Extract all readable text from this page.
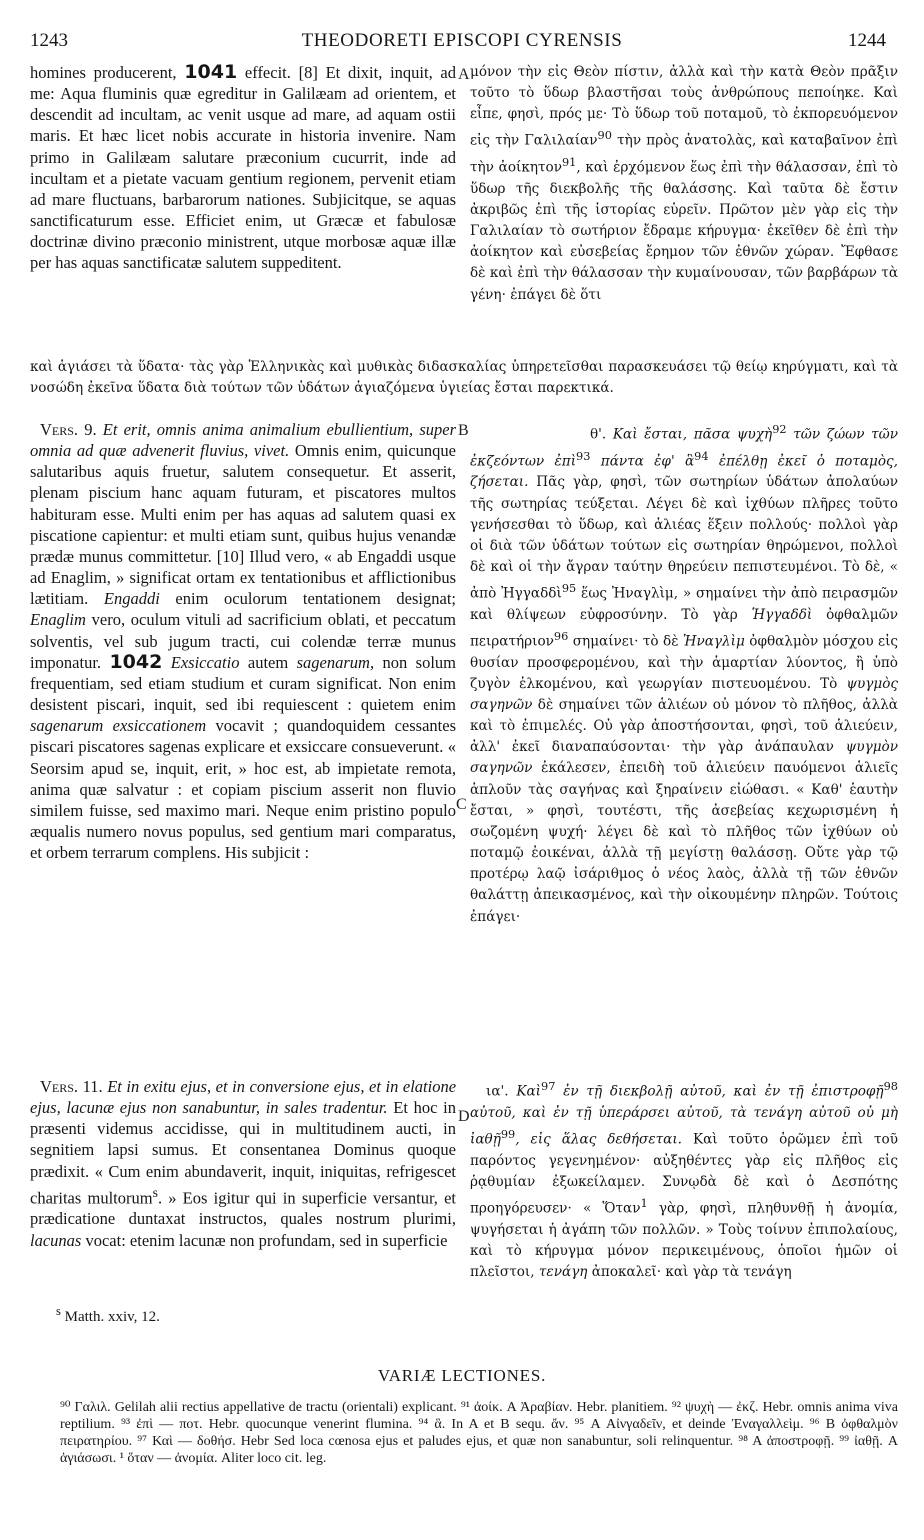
THEODORETI EPISCOPI CYRENSIS
1243	1244
A
B
C
D

homines producerent, 1041 effecit. [8] Et dixit, inquit, ad me: Aqua fluminis quæ egreditur in Galilæam ad orientem, et descendit ad incultam, ac venit usque ad mare, ad aquam ostii maris. Et hæc licet nobis accurate in historia invenire. Nam primo in Galilæam salutare præconium cucurrit, inde ad incultam et a pietate vacuam gentium regionem, pervenit etiam ad mare fluctuans, barbarorum nationes. Subjicitque, se aquas sanctificaturum esse. Efficiet enim, ut Græcæ et fabulosæ doctrinæ divino præconio ministrent, utque morbosæ aquæ illæ per has aquas sanctificatæ salutem suppeditent.

μόνον τὴν εἰς Θεὸν πίστιν, ἀλλὰ καὶ τὴν κατὰ Θεὸν πρᾶξιν τοῦτο τὸ ὕδωρ βλαστῆσαι τοὺς ἀνθρώπους πεποίηκε. Καὶ εἶπε, φησὶ, πρός με· Τὸ ὕδωρ τοῦ ποταμοῦ, τὸ ἐκπορευόμενον εἰς τὴν Γαλιλαίαν$^{90}$ τὴν πρὸς ἀνατολὰς, καὶ καταβαῖνον ἐπὶ τὴν ἀοίκητον$^{91}$, καὶ ἐρχόμενον ἕως ἐπὶ τὴν θάλασσαν, ἐπὶ τὸ ὕδωρ τῆς διεκβολῆς τῆς θαλάσσης. Καὶ ταῦτα δὲ ἔστιν ἀκριβῶς ἐπὶ τῆς ἱστορίας εὑρεῖν. Πρῶτον μὲν γὰρ εἰς τὴν Γαλιλαίαν τὸ σωτήριον ἔδραμε κήρυγμα· ἐκεῖθεν δὲ ἐπὶ τὴν ἀοίκητον καὶ εὐσεβείας ἔρημον τῶν ἐθνῶν χώραν. Ἔφθασε δὲ καὶ ἐπὶ τὴν θάλασσαν τὴν κυμαίνουσαν, τῶν βαρβάρων τὰ γένη· ἐπάγει δὲ ὅτι

καὶ ἁγιάσει τὰ ὕδατα· τὰς γὰρ Ἑλληνικὰς καὶ μυθικὰς διδασκαλίας ὑπηρετεῖσθαι παρασκευάσει τῷ θείῳ κηρύγματι, καὶ τὰ νοσώδη ἐκεῖνα ὕδατα διὰ τούτων τῶν ὑδάτων ἁγιαζόμενα ὑγιείας ἔσται παρεκτικά.

Vers. 9. Et erit, omnis anima animalium ebullientium, super omnia ad quæ advenerit fluvius, vivet. Omnis enim, quicunque salutaribus aquis fruetur, salutem consequetur. Et asserit, plenam piscium hanc aquam futuram, et piscatores multos habituram esse. Multi enim per has aquas ad salutem quasi ex piscatione capientur: et multi etiam sunt, quibus hujus venandæ prædæ munus committetur. [10] Illud vero, « ab Engaddi usque ad Enaglim, » significat ortam ex tentationibus et afflictionibus lætitiam. Engaddi enim oculorum tentationem designat; Enaglim vero, oculum vituli ad sacrificium oblati, et peccatum solventis, vel sub jugum tracti, cui colendæ terræ munus imponatur. 1042 Exsiccatio autem sagenarum, non solum frequentiam, sed etiam studium et curam significat. Non enim desistent piscari, inquit, sed ibi requiescent : quietem enim sagenarum exsiccationem vocavit ; quandoquidem cessantes piscari piscatores sagenas explicare et exsiccare consueverunt. « Seorsim apud se, inquit, erit, » hoc est, ab impietate remota, anima quæ salvatur : et copiam piscium asserit non fluvio similem fuisse, sed maximo mari. Neque enim pristino populo æqualis numero novus populus, sed gentium mari comparatus, et orbem terrarum complens. His subjicit :

θ'. Καὶ ἔσται, πᾶσα ψυχὴ$^{92}$ τῶν ζώων τῶν ἐκζεόντων ἐπὶ$^{93}$ πάντα ἐφ' ἃ$^{94}$ ἐπέλθῃ ἐκεῖ ὁ ποταμὸς, ζήσεται. Πᾶς γὰρ, φησὶ, τῶν σωτηρίων ὑδάτων ἀπολαύων τῆς σωτηρίας τεύξεται. Λέγει δὲ καὶ ἰχθύων πλῆρες τοῦτο γενήσεσθαι τὸ ὕδωρ, καὶ ἁλιέας ἕξειν πολλούς· πολλοὶ γὰρ οἱ διὰ τῶν ὑδάτων τούτων εἰς σωτηρίαν θηρώμενοι, πολλοὶ δὲ καὶ οἱ τὴν ἄγραν ταύτην θηρεύειν πεπιστευμένοι. Τὸ δὲ, « ἀπὸ Ἠγγαδδὶ$^{95}$ ἕως Ἠναγλὶμ, » σημαίνει τὴν ἀπὸ πειρασμῶν καὶ θλίψεων εὐφροσύνην. Τὸ γὰρ Ἡγγαδδὶ ὀφθαλμῶν πειρατήριον$^{96}$ σημαίνει· τὸ δὲ Ἠναγλὶμ ὀφθαλμὸν μόσχου εἰς θυσίαν προσφερομένου, καὶ τὴν ἁμαρτίαν λύοντος, ἢ ὑπὸ ζυγὸν ἑλκομένου, καὶ γεωργίαν πιστευομένου. Τὸ ψυγμὸς σαγηνῶν δὲ σημαίνει τῶν ἁλιέων οὐ μόνον τὸ πλῆθος, ἀλλὰ καὶ τὸ ἐπιμελές. Οὐ γὰρ ἀποστήσονται, φησὶ, τοῦ ἁλιεύειν, ἀλλ' ἐκεῖ διαναπαύσονται· τὴν γὰρ ἀνάπαυλαν ψυγμὸν σαγηνῶν ἐκάλεσεν, ἐπειδὴ τοῦ ἁλιεύειν παυόμενοι ἁλιεῖς ἁπλοῦν τὰς σαγήνας καὶ ξηραίνειν εἰώθασι. « Καθ' ἑαυτὴν ἔσται, » φησὶ, τουτέστι, τῆς ἀσεβείας κεχωρισμένη ἡ σωζομένη ψυχή· λέγει δὲ καὶ τὸ πλῆθος τῶν ἰχθύων οὐ ποταμῷ ἐοικέναι, ἀλλὰ τῇ μεγίστῃ θαλάσσῃ. Οὔτε γὰρ τῷ προτέρῳ λαῷ ἰσάριθμος ὁ νέος λαὸς, ἀλλὰ τῇ τῶν ἐθνῶν θαλάττῃ ἀπεικασμένος, καὶ τὴν οἰκουμένην πληρῶν. Τούτοις ἐπάγει·

Vers. 11. Et in exitu ejus, et in conversione ejus, et in elatione ejus, lacunæ ejus non sanabuntur, in sales tradentur. Et hoc in præsenti videmus accidisse, qui in multitudinem aucti, in segnitiem lapsi sumus. Et consentanea Dominus quoque prædixit. « Cum enim abundaverit, inquit, iniquitas, refrigescet charitas multorum$^s$. » Eos igitur qui in superficie versantur, et prædicatione duntaxat instructos, quales nostrum plurimi, lacunas vocat: etenim lacunæ non profundam, sed in superficie

ια'. Καὶ$^{97}$ ἐν τῇ διεκβολῇ αὐτοῦ, καὶ ἐν τῇ ἐπιστροφῇ$^{98}$ αὐτοῦ, καὶ ἐν τῇ ὑπεράρσει αὐτοῦ, τὰ τενάγη αὐτοῦ οὐ μὴ ἰαθῇ$^{99}$, εἰς ἅλας δεθήσεται. Καὶ τοῦτο ὁρῶμεν ἐπὶ τοῦ παρόντος γεγενημένον· αὐξηθέντες γὰρ εἰς πλῆθος εἰς ῥᾳθυμίαν ἐξωκείλαμεν. Συνῳδὰ δὲ καὶ ὁ Δεσπότης προηγόρευσεν· « Ὅταν$^1$ γὰρ, φησὶ, πληθυνθῇ ἡ ἀνομία, ψυγήσεται ἡ ἀγάπη τῶν πολλῶν. » Τοὺς τοίνυν ἐπιπολαίους, καὶ τὸ κήρυγμα μόνον περικειμένους, ὁποῖοι ἡμῶν οἱ πλεῖστοι, τενάγη ἀποκαλεῖ· καὶ γὰρ τὰ τενάγη

$^s$ Matth. xxiv, 12.
VARIÆ LECTIONES.

⁹⁰ Γαλιλ. Gelilah alii rectius appellative de tractu (orientali) explicant. ⁹¹ ἀοίκ. A Ἀραβίαν. Hebr. planitiem. ⁹² ψυχὴ — ἐκζ. Hebr. omnis anima viva reptilium. ⁹³ ἐπὶ — ποτ. Hebr. quocunque venerint flumina. ⁹⁴ ἃ. In A et B sequ. ἄν. ⁹⁵ A Αἰνγαδεῖν, et deinde Ἐναγαλλεὶμ. ⁹⁶ B ὀφθαλμὸν πειρατηρίου. ⁹⁷ Καὶ — δοθήσ. Hebr Sed loca cœnosa ejus et paludes ejus, et quæ non sanabuntur, soli relinquentur. ⁹⁸ A ἀποστροφῇ. ⁹⁹ ἰαθῇ. A ἁγιάσωσι. ¹ ὅταν — ἀνομία. Aliter loco cit. leg.
